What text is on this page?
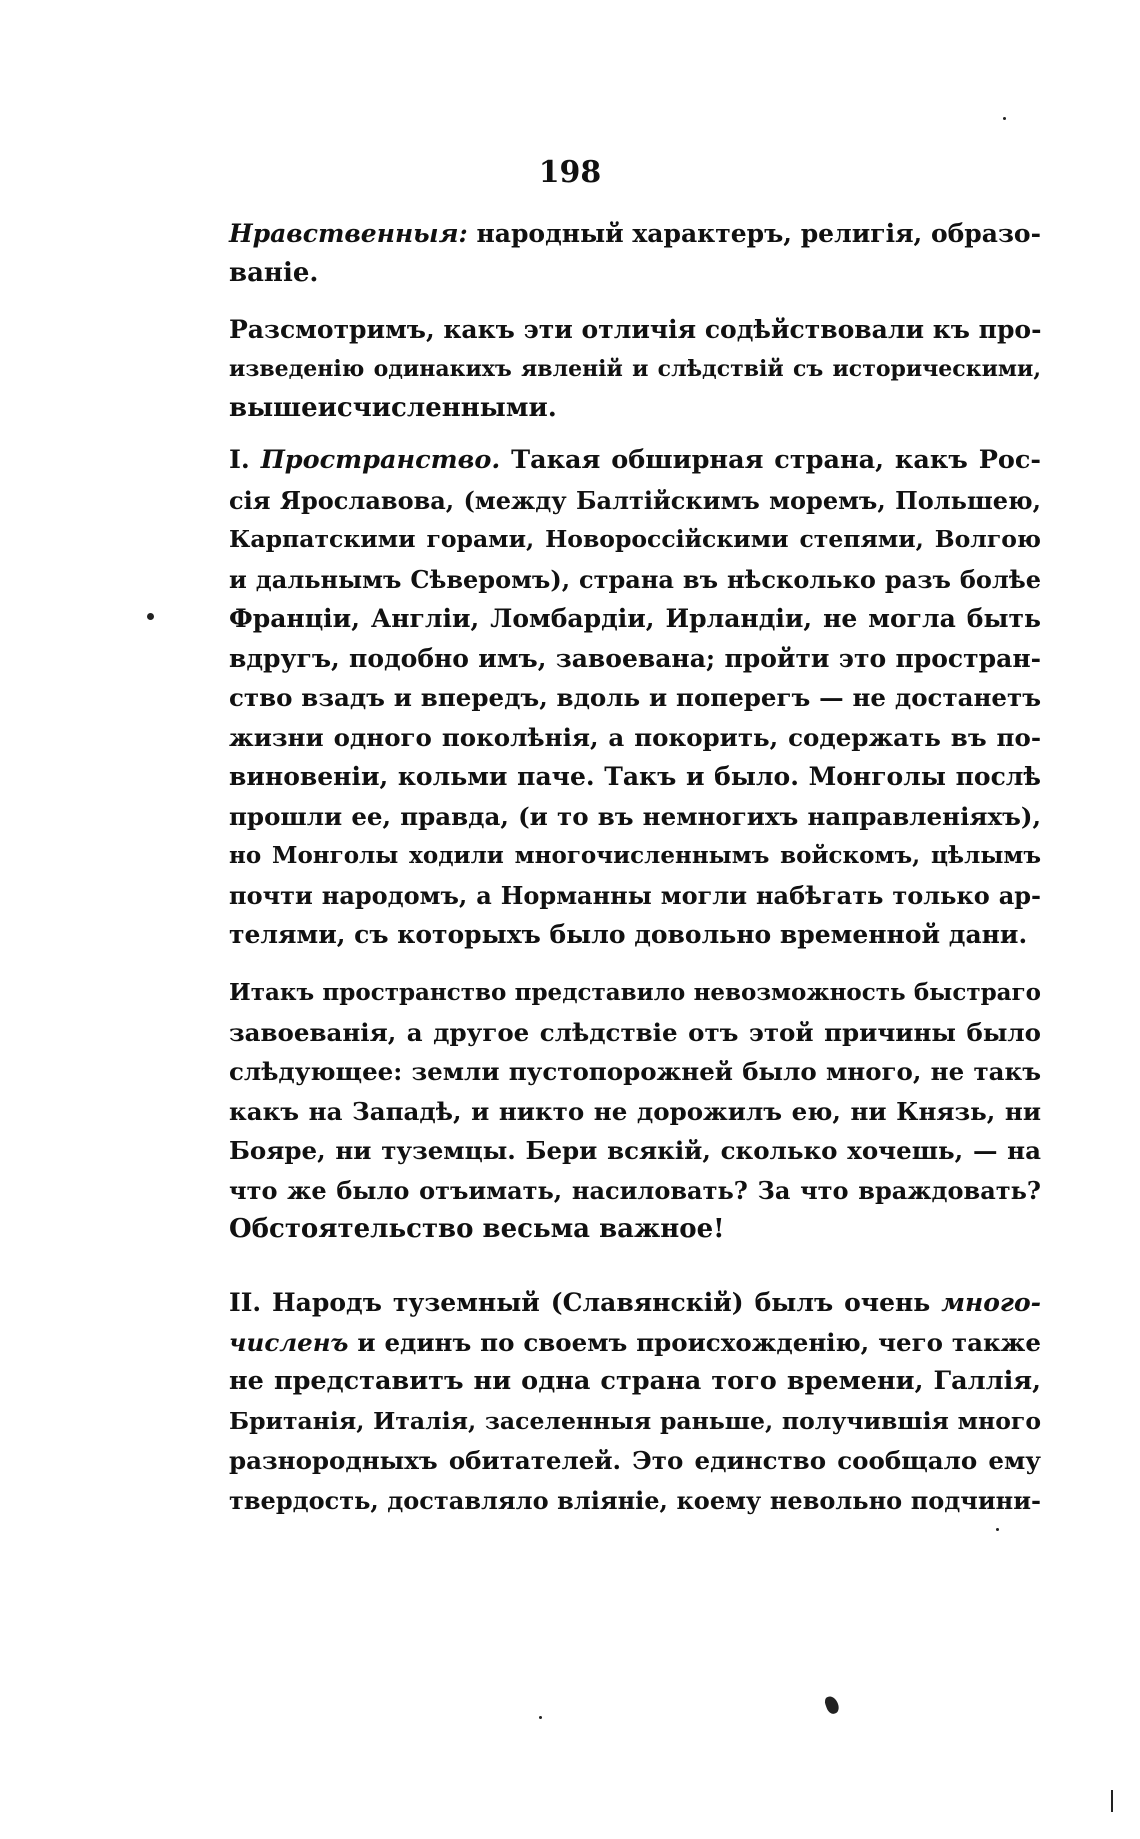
198
Нравственныя: народный характеръ, религія, образо-
ваніе.
Разсмотримъ, какъ эти отличія содѣйствовали къ про-
изведенію одинакихъ явленій и слѣдствій съ историческими,
вышеисчисленными.
I. Пространство. Такая обширная страна, какъ Рос-
сія Ярославова, (между Балтійскимъ моремъ, Польшею,
Карпатскими горами, Новороссійскими степями, Волгою
и дальнымъ Сѣверомъ), страна въ нѣсколько разъ болѣе
Франціи, Англіи, Ломбардіи, Ирландіи, не могла быть
вдругъ, подобно имъ, завоевана; пройти это простран-
ство взадъ и впередъ, вдоль и поперегъ — не достанетъ
жизни одного поколѣнія, а покорить, содержать въ по-
виновеніи, кольми паче. Такъ и было. Монголы послѣ
прошли ее, правда, (и то въ немногихъ направленіяхъ),
но Монголы ходили многочисленнымъ войскомъ, цѣлымъ
почти народомъ, а Норманны могли набѣгать только ар-
телями, съ которыхъ было довольно временной дани.
Итакъ пространство представило невозможность быстраго
завоеванія, а другое слѣдствіе отъ этой причины было
слѣдующее: земли пустопорожней было много, не такъ
какъ на Западѣ, и никто не дорожилъ ею, ни Князь, ни
Бояре, ни туземцы. Бери всякій, сколько хочешь, — на
что же было отъимать, насиловать? За что враждовать?
Обстоятельство весьма важное!
II. Народъ туземный (Славянскій) былъ очень много-
численъ и единъ по своемъ происхожденію, чего также
не представитъ ни одна страна того времени, Галлія,
Британія, Италія, заселенныя раньше, получившія много
разнородныхъ обитателей. Это единство сообщало ему
твердость, доставляло вліяніе, коему невольно подчини-
